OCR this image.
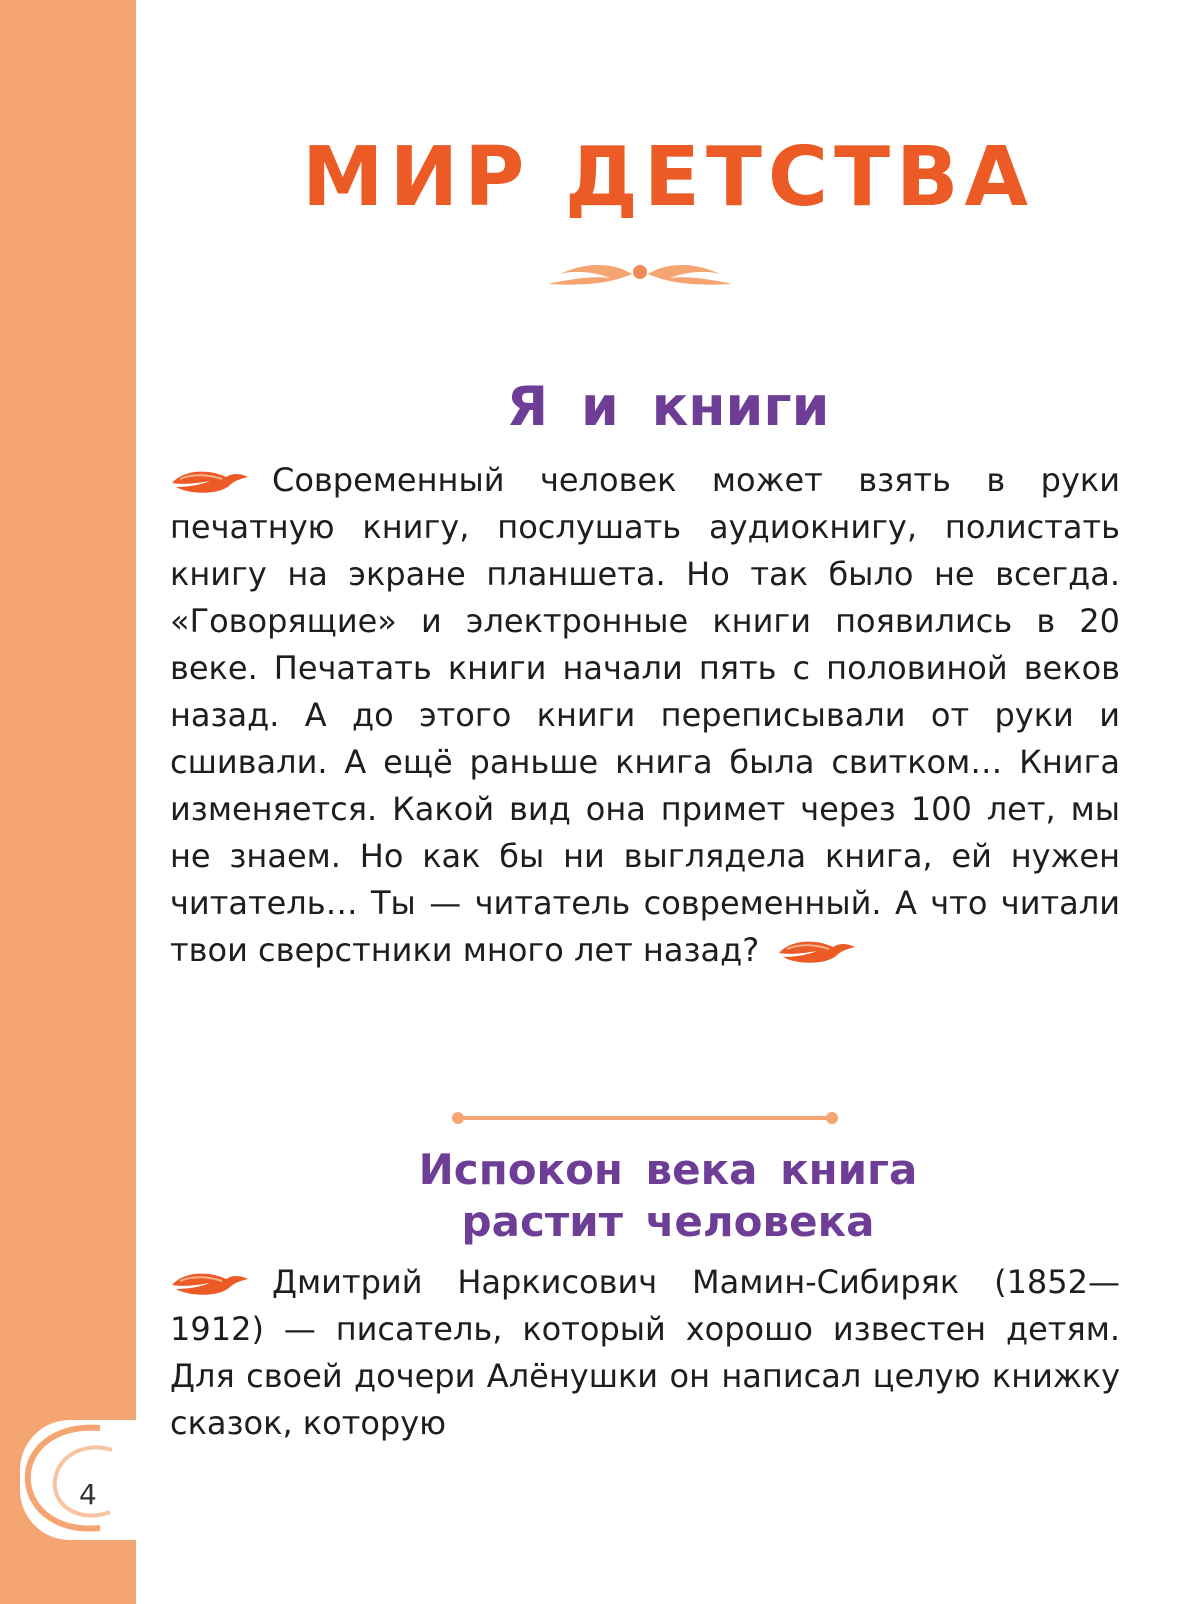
4
МИР ДЕТСТВА
Я и книги

Современный человек может взять в руки печатную книгу, послушать аудиокнигу, полистать книгу на экране планшета. Но так было не всегда. «Говорящие» и электронные книги появились в 20 веке. Печатать книги начали пять с половиной веков назад. А до этого книги переписывали от руки и сшивали. А ещё раньше книга была свитком… Книга изменяется. Какой вид она примет через 100 лет, мы не знаем. Но как бы ни выглядела книга, ей нужен читатель… Ты — читатель современный. А что читали твои сверстники много лет назад?

Испокон века книга
растит человека

Дмитрий Наркисович Мамин-Сибиряк (1852—1912) — писатель, который хорошо известен детям. Для своей дочери Алёнушки он написал целую книжку сказок, которую
